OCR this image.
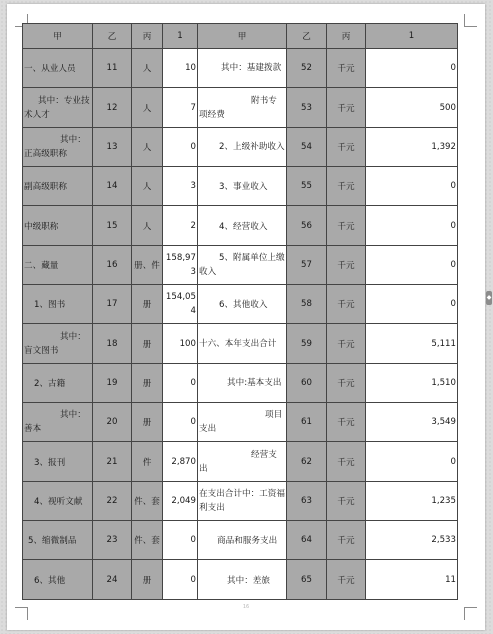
16
甲	乙	丙	1	甲	乙	丙	1
一、从业人员	11	人	10	其中：基建拨款	52	千元	0
其中：专业技术人才	12	人	7	附书专项经费	53	千元	500
其中：正高级职称	13	人	0	2、上级补助收入	54	千元	1,392
副高级职称	14	人	3	3、事业收入	55	千元	0
中级职称	15	人	2	4、经营收入	56	千元	0
二、藏量	16	册、件	158,973	5、附属单位上缴收入	57	千元	0
1、图书	17	册	154,054	6、其他收入	58	千元	0
其中：盲文图书	18	册	100	十六、本年支出合计	59	千元	5,111
2、古籍	19	册	0	其中:基本支出	60	千元	1,510
其中：善本	20	册	0	项目支出	61	千元	3,549
3、报刊	21	件	2,870	经营支出	62	千元	0
4、视听文献	22	件、套	2,049	在支出合计中：工资福利支出	63	千元	1,235
5、缩微制品	23	件、套	0	商品和服务支出	64	千元	2,533
6、其他	24	册	0	其中：差旅	65	千元	11
◆
